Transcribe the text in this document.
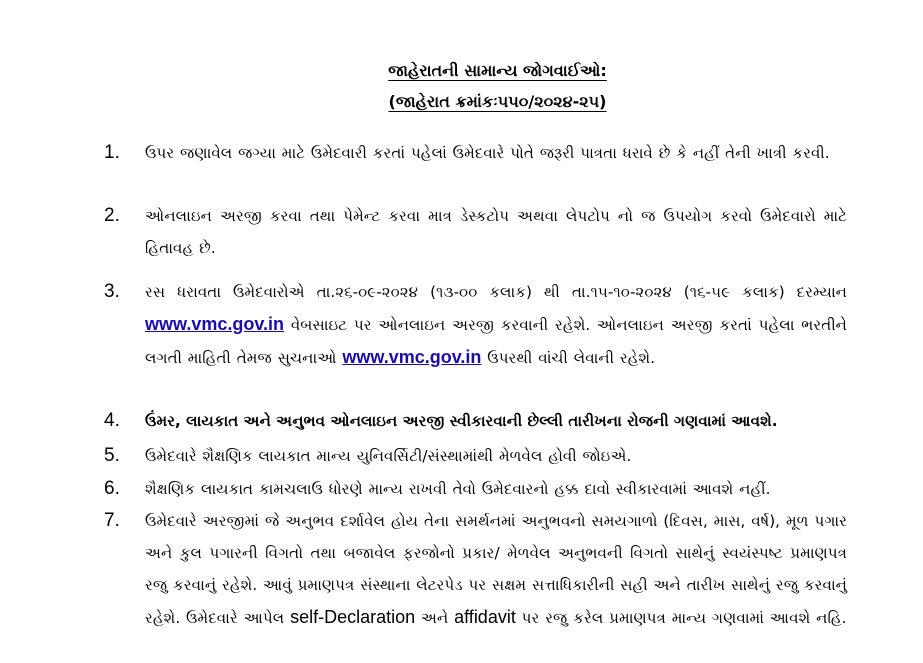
જાહેરાતની સામાન્ય જોગવાઈઓ:
(જાહેરાત ક્રમાંકઃ૫૫૦/૨૦૨૪-૨૫)
1. ઉપર જણાવેલ જગ્યા માટે ઉમેદવારી કરતાં પહેલાં ઉમેદવારે પોતે જરૂરી પાત્રતા ધરાવે છે કે નહીં તેની ખાત્રી કરવી.
2. ઓનલાઇન અરજી કરવા તથા પેમેન્ટ કરવા માત્ર ડેસ્કટોપ અથવા લેપટોપ નો જ ઉપયોગ કરવો ઉમેદવારો માટે હિતાવહ છે.
3. રસ ધરાવતા ઉમેદવારોએ તા.૨૬-૦૯-૨૦૨૪ (૧૩-૦૦ કલાક) થી તા.૧૫-૧૦-૨૦૨૪ (૧૬-૫૯ કલાક) દરમ્યાન www.vmc.gov.in વેબસાઇટ પર ઓનલાઇન અરજી કરવાની રહેશે. ઓનલાઇન અરજી કરતાં પહેલા ભરતીને લગતી માહિતી તેમજ સુચનાઓ www.vmc.gov.in ઉપરથી વાંચી લેવાની રહેશે.
4. ઉંમર, લાયકાત અને અનુભવ ઓનલાઇન અરજી સ્વીકારવાની છેલ્લી તારીખના રોજની ગણવામાં આવશે.
5. ઉમેદવારે શૈક્ષણિક લાયકાત માન્ય યુનિવર્સિટી/સંસ્થામાંથી મેળવેલ હોવી જોઇએ.
6. શૈક્ષણિક લાયકાત કામચલાઉ ધોરણે માન્ય રાખવી તેવો ઉમેદવારનો હક્ક દાવો સ્વીકારવામાં આવશે નહીં.
7. ઉમેદવારે અરજીમાં જે અનુભવ દર્શાવેલ હોય તેના સમર્થનમાં અનુભવનો સમયગાળો (દિવસ, માસ, વર્ષ), મૂળ પગાર અને કુલ પગારની વિગતો તથા બજાવેલ ફરજોનો પ્રકાર/ મેળવેલ અનુભવની વિગતો સાથેનું સ્વયંસ્પષ્ટ પ્રમાણપત્ર રજુ કરવાનું રહેશે. આવું પ્રમાણપત્ર સંસ્થાના લેટરપેડ પર સક્ષમ સત્તાધિકારીની સહી અને તારીખ સાથેનું રજુ કરવાનું રહેશે. ઉમેદવારે આપેલ self-Declaration અને affidavit પર રજુ કરેલ પ્રમાણપત્ર માન્ય ગણવામાં આવશે નહિ.
